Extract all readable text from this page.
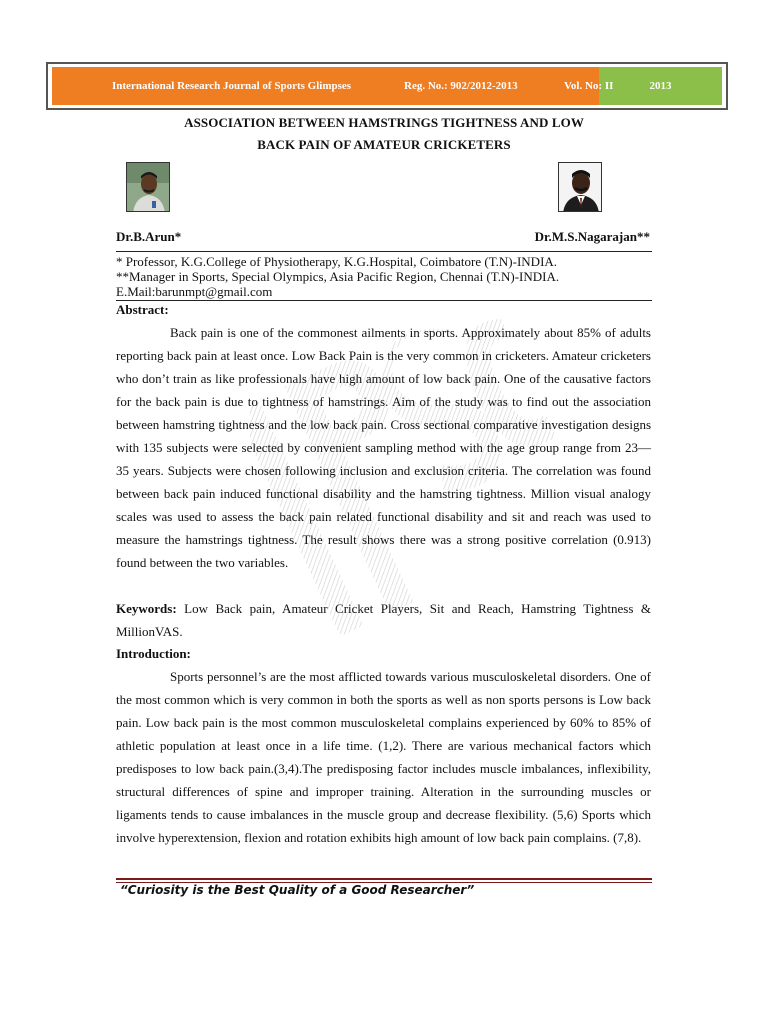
International Research Journal of Sports Glimpses	Reg. No.: 902/2012-2013	Vol. No: II	2013
ASSOCIATION BETWEEN HAMSTRINGS TIGHTNESS AND LOW
BACK PAIN OF AMATEUR CRICKETERS
Dr.B.Arun*	Dr.M.S.Nagarajan**
* Professor, K.G.College of Physiotherapy, K.G.Hospital, Coimbatore (T.N)-INDIA.
**Manager in Sports, Special Olympics, Asia Pacific Region, Chennai (T.N)-INDIA.
E.Mail:barunmpt@gmail.com
Abstract:

Back pain is one of the commonest ailments in sports. Approximately about 85% of adults reporting back pain at least once. Low Back Pain is the very common in cricketers. Amateur cricketers who don’t train as like professionals have high amount of low back pain. One of the causative factors for the back pain is due to tightness of hamstrings. Aim of the study was to find out the association between hamstring tightness and the low back pain. Cross sectional comparative investigation designs with 135 subjects were selected by convenient sampling method with the age group range from 23—35 years. Subjects were chosen following inclusion and exclusion criteria. The correlation was found between back pain induced functional disability and the hamstring tightness. Million visual analogy scales was used to assess the back pain related functional disability and sit and reach was used to measure the hamstrings tightness. The result shows there was a strong positive correlation (0.913) found between the two variables.

Keywords: Low Back pain, Amateur Cricket Players, Sit and Reach, Hamstring Tightness & MillionVAS.

Introduction:

Sports personnel’s are the most afflicted towards various musculoskeletal disorders. One of the most common which is very common in both the sports as well as non sports persons is Low back pain. Low back pain is the most common musculoskeletal complains experienced by 60% to 85% of athletic population at least once in a life time. (1,2). There are various mechanical factors which predisposes to low back pain.(3,4).The predisposing factor includes muscle imbalances, inflexibility, structural differences of spine and improper training. Alteration in the surrounding muscles or ligaments tends to cause imbalances in the muscle group and decrease flexibility. (5,6) Sports which involve hyperextension, flexion and rotation exhibits high amount of low back pain complains. (7,8).

“Curiosity is the Best Quality of a Good Researcher”
